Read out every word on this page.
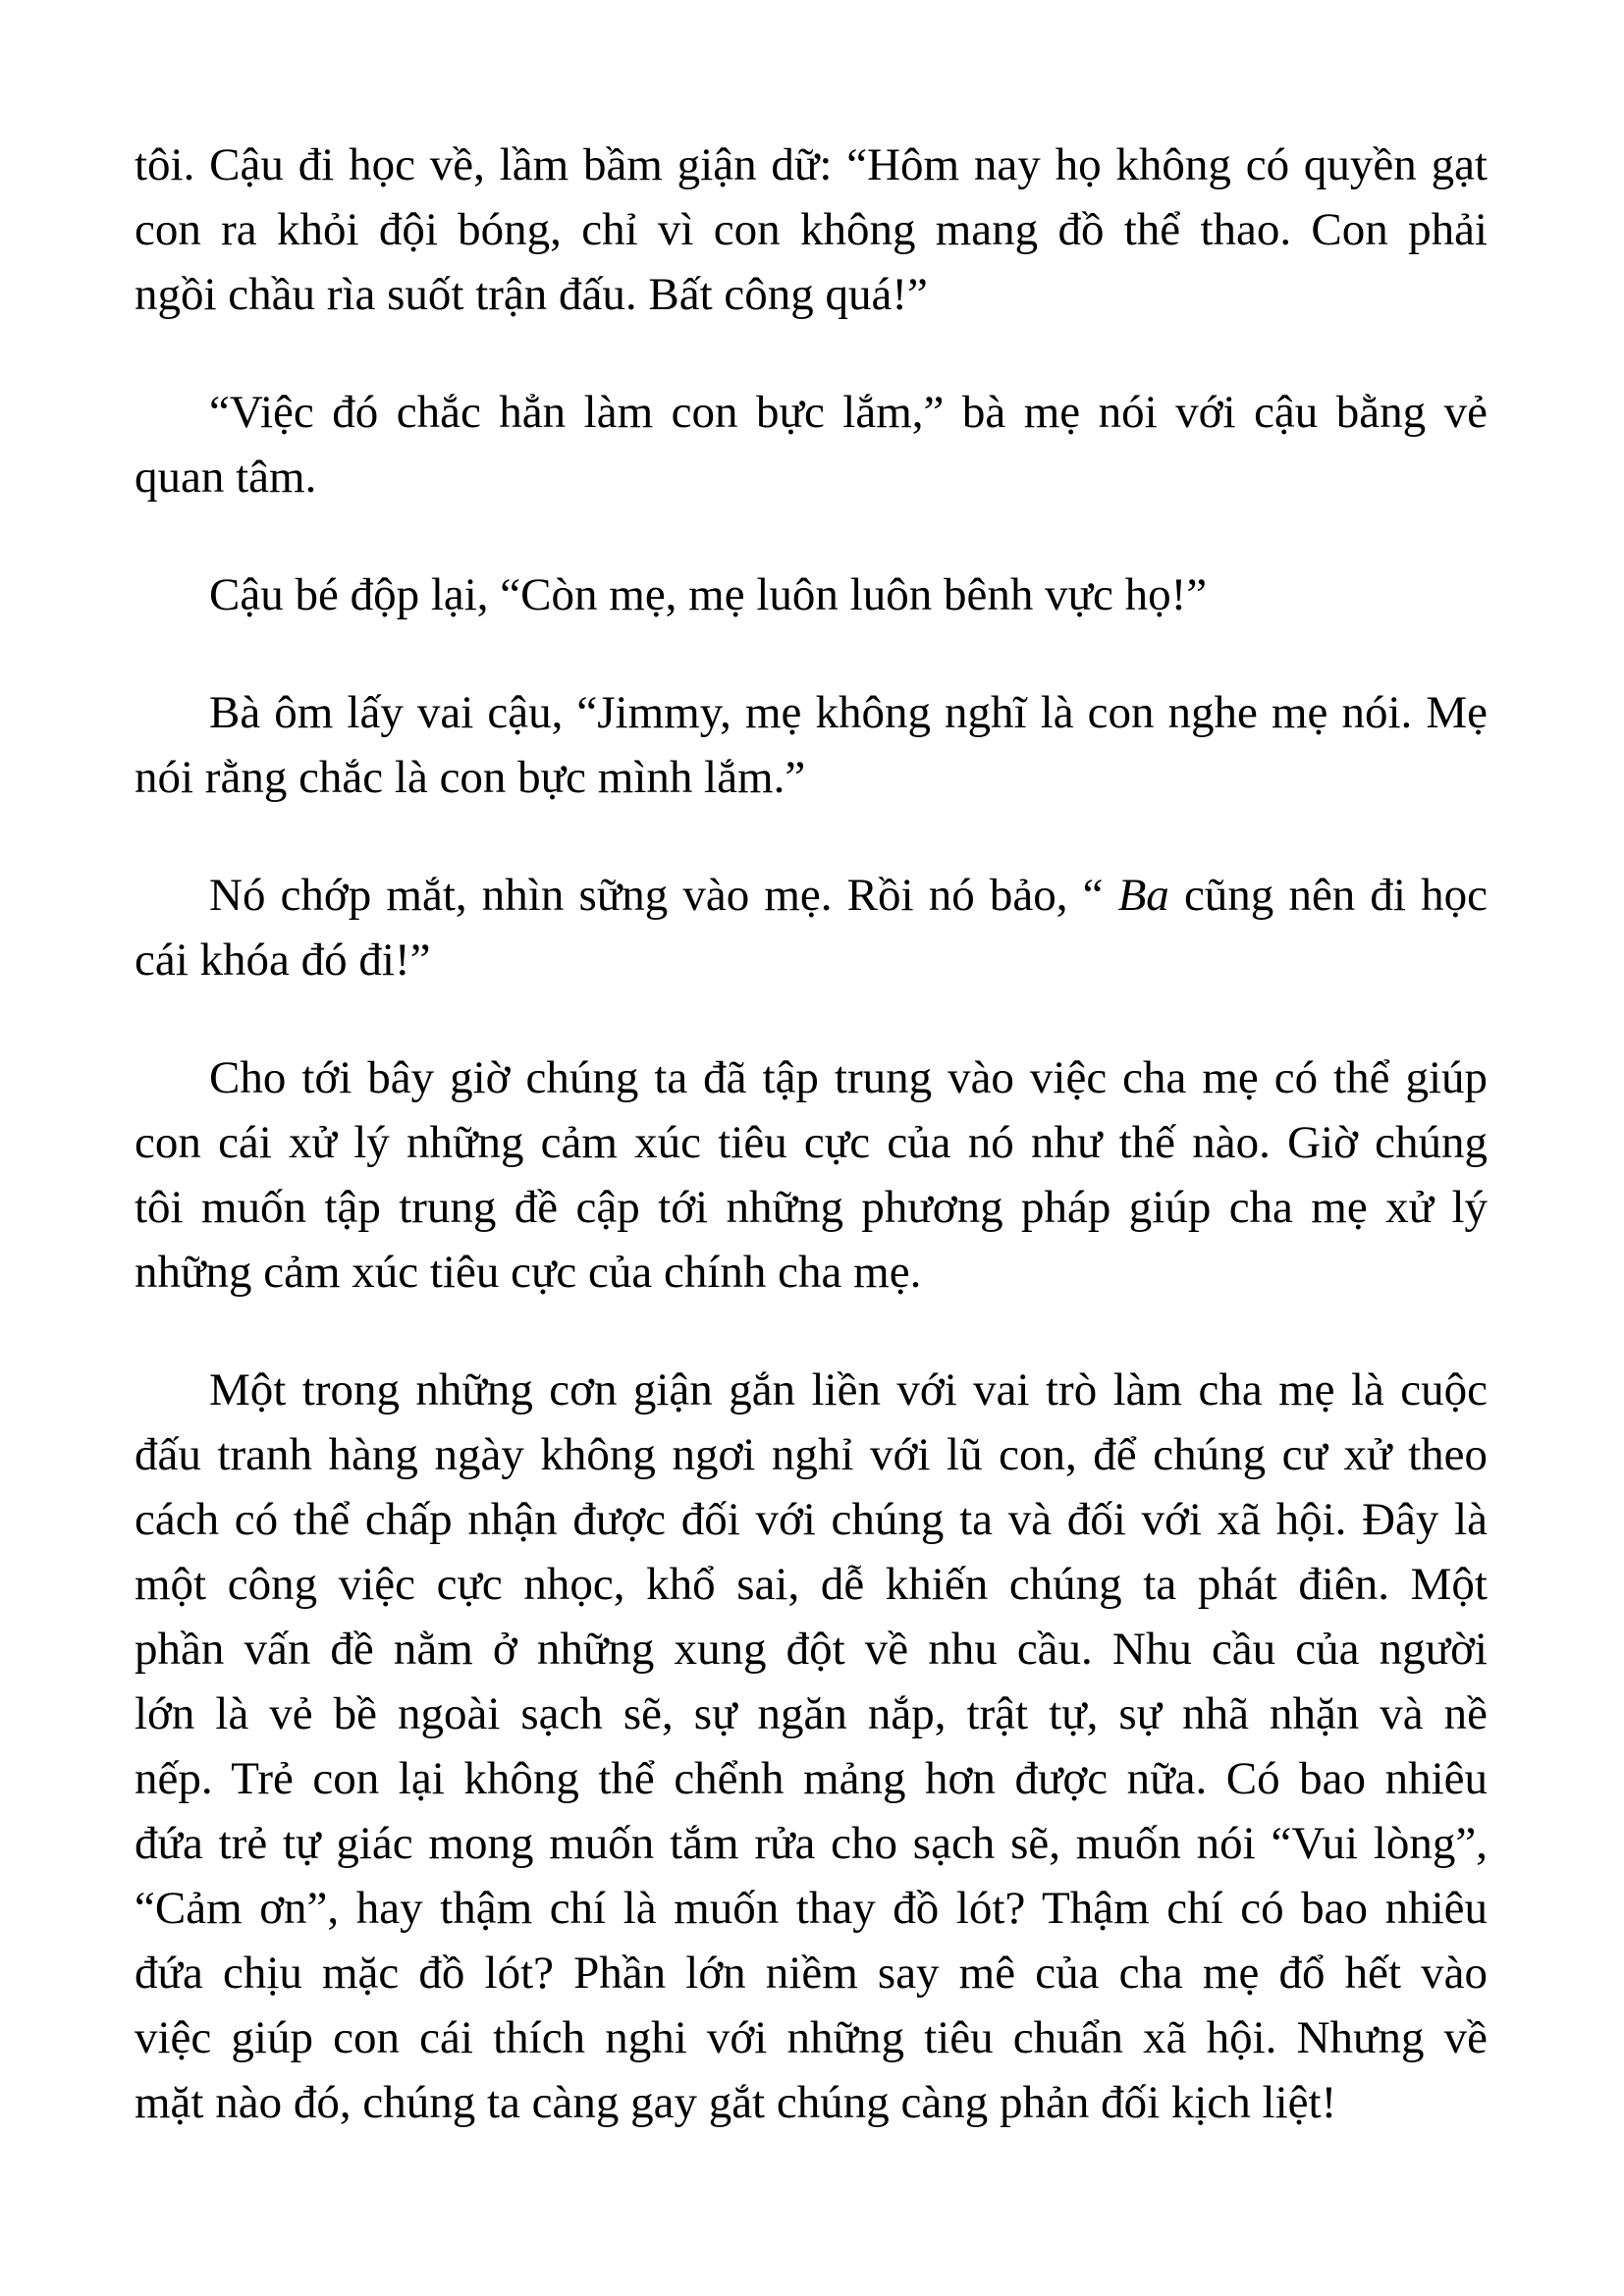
tôi. Cậu đi học về, lầm bầm giận dữ: “Hôm nay họ không có quyền gạt
con ra khỏi đội bóng, chỉ vì con không mang đồ thể thao. Con phải
ngồi chầu rìa suốt trận đấu. Bất công quá!”
“Việc đó chắc hẳn làm con bực lắm,” bà mẹ nói với cậu bằng vẻ
quan tâm.
Cậu bé độp lại, “Còn mẹ, mẹ luôn luôn bênh vực họ!”
Bà ôm lấy vai cậu, “Jimmy, mẹ không nghĩ là con nghe mẹ nói. Mẹ
nói rằng chắc là con bực mình lắm.”
Nó chớp mắt, nhìn sững vào mẹ. Rồi nó bảo, “ Ba cũng nên đi học
cái khóa đó đi!”
Cho tới bây giờ chúng ta đã tập trung vào việc cha mẹ có thể giúp
con cái xử lý những cảm xúc tiêu cực của nó như thế nào. Giờ chúng
tôi muốn tập trung đề cập tới những phương pháp giúp cha mẹ xử lý
những cảm xúc tiêu cực của chính cha mẹ.
Một trong những cơn giận gắn liền với vai trò làm cha mẹ là cuộc
đấu tranh hàng ngày không ngơi nghỉ với lũ con, để chúng cư xử theo
cách có thể chấp nhận được đối với chúng ta và đối với xã hội. Đây là
một công việc cực nhọc, khổ sai, dễ khiến chúng ta phát điên. Một
phần vấn đề nằm ở những xung đột về nhu cầu. Nhu cầu của người
lớn là vẻ bề ngoài sạch sẽ, sự ngăn nắp, trật tự, sự nhã nhặn và nề
nếp. Trẻ con lại không thể chểnh mảng hơn được nữa. Có bao nhiêu
đứa trẻ tự giác mong muốn tắm rửa cho sạch sẽ, muốn nói “Vui lòng”,
“Cảm ơn”, hay thậm chí là muốn thay đồ lót? Thậm chí có bao nhiêu
đứa chịu mặc đồ lót? Phần lớn niềm say mê của cha mẹ đổ hết vào
việc giúp con cái thích nghi với những tiêu chuẩn xã hội. Nhưng về
mặt nào đó, chúng ta càng gay gắt chúng càng phản đối kịch liệt!
